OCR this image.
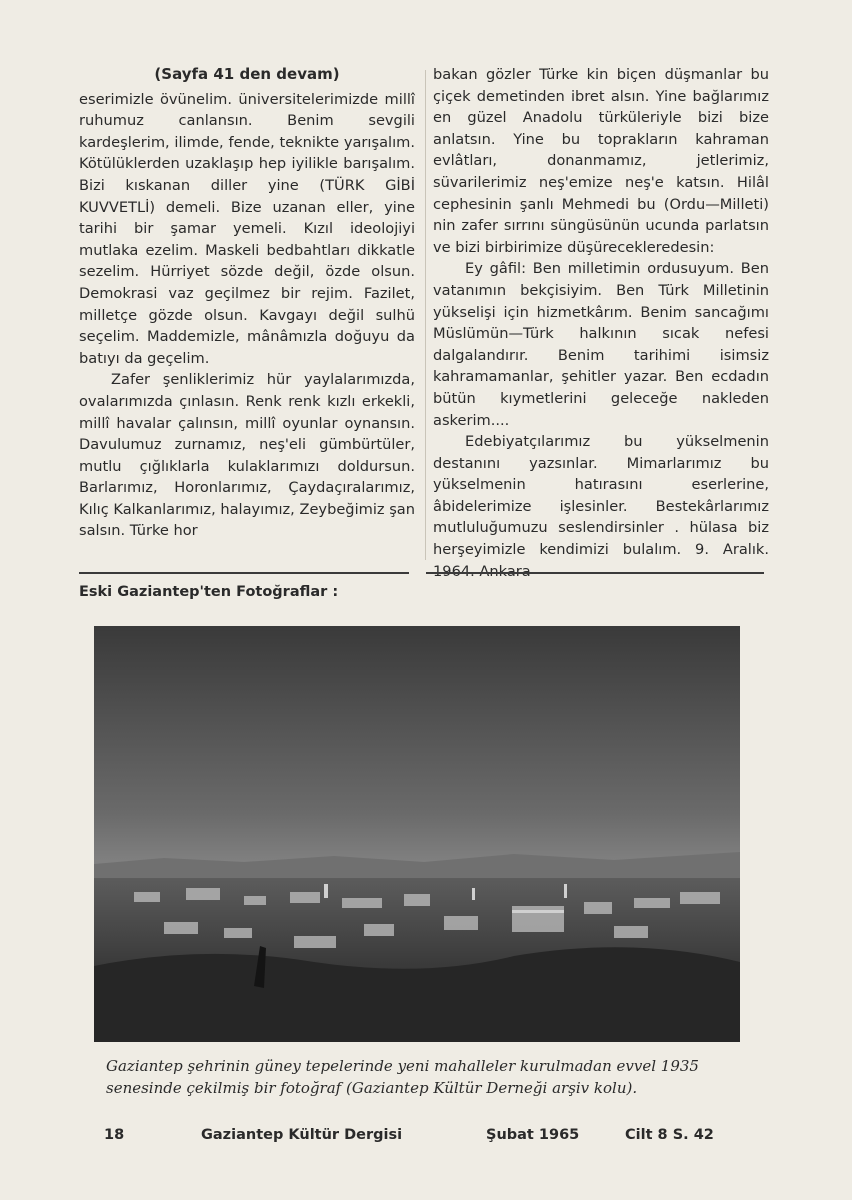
(Sayfa 41 den devam)

eserimizle övünelim. üniversitelerimizde millî ruhumuz canlansın. Benim sevgili kardeşlerim, ilimde, fende, teknikte yarışalım. Kötülüklerden uzaklaşıp hep iyilikle barışalım. Bizi kıskanan diller yine (TÜRK GİBİ KUVVETLİ) demeli. Bize uzanan eller, yine tarihi bir şamar yemeli. Kızıl ideolojiyi mutlaka ezelim. Maskeli bedbahtları dikkatle sezelim. Hürriyet sözde değil, özde olsun. Demokrasi vaz geçilmez bir rejim. Fazilet, milletçe gözde olsun. Kavgayı değil sulhü seçelim. Maddemizle, mânâmızla doğuyu da batıyı da geçelim.

Zafer şenliklerimiz hür yaylalarımızda, ovalarımızda çınlasın. Renk renk kızlı erkekli, millî havalar çalınsın, millî oyunlar oynansın. Davulumuz zurnamız, neş'eli gümbürtüler, mutlu çığlıklarla kulaklarımızı doldursun. Barlarımız, Horonlarımız, Çaydaçıralarımız, Kılıç Kalkanlarımız, halayımız, Zeybeğimiz şan salsın. Türke hor

bakan gözler Türke kin biçen düşmanlar bu çiçek demetinden ibret alsın. Yine bağlarımız en güzel Anadolu türküleriyle bizi bize anlatsın. Yine bu toprakların kahraman evlâtları, donanmamız, jetlerimiz, süvarilerimiz neş'emize neş'e katsın. Hilâl cephesinin şanlı Mehmedi bu (Ordu—Milleti) nin zafer sırrını süngüsünün ucunda parlatsın ve bizi birbirimize düşürecekleredesin:

Ey gâfil: Ben milletimin ordusuyum. Ben vatanımın bekçisiyim. Ben Türk Milletinin yükselişi için hizmetkârım. Benim sancağımı Müslümün—Türk halkının sıcak nefesi dalgalandırır. Benim tarihimi isimsiz kahramamanlar, şehitler yazar. Ben ecdadın bütün kıymetlerini geleceğe nakleden askerim....

Edebiyatçılarımız bu yükselmenin destanını yazsınlar. Mimarlarımız bu yükselmenin hatırasını eserlerine, âbidelerimize işlesinler. Bestekârlarımız mutluluğumuzu seslendirsinler . hülasa biz herşeyimizle kendimizi bulalım. 9. Aralık. 1964. Ankara

Eski Gaziantep'ten Fotoğraflar :
Gaziantep şehrinin güney tepelerinde yeni mahalleler kurulmadan evvel 1935 senesinde çekilmiş bir fotoğraf (Gaziantep Kültür Derneği arşiv kolu).
18	Gaziantep Kültür Dergisi	Şubat 1965	Cilt 8 S. 42
